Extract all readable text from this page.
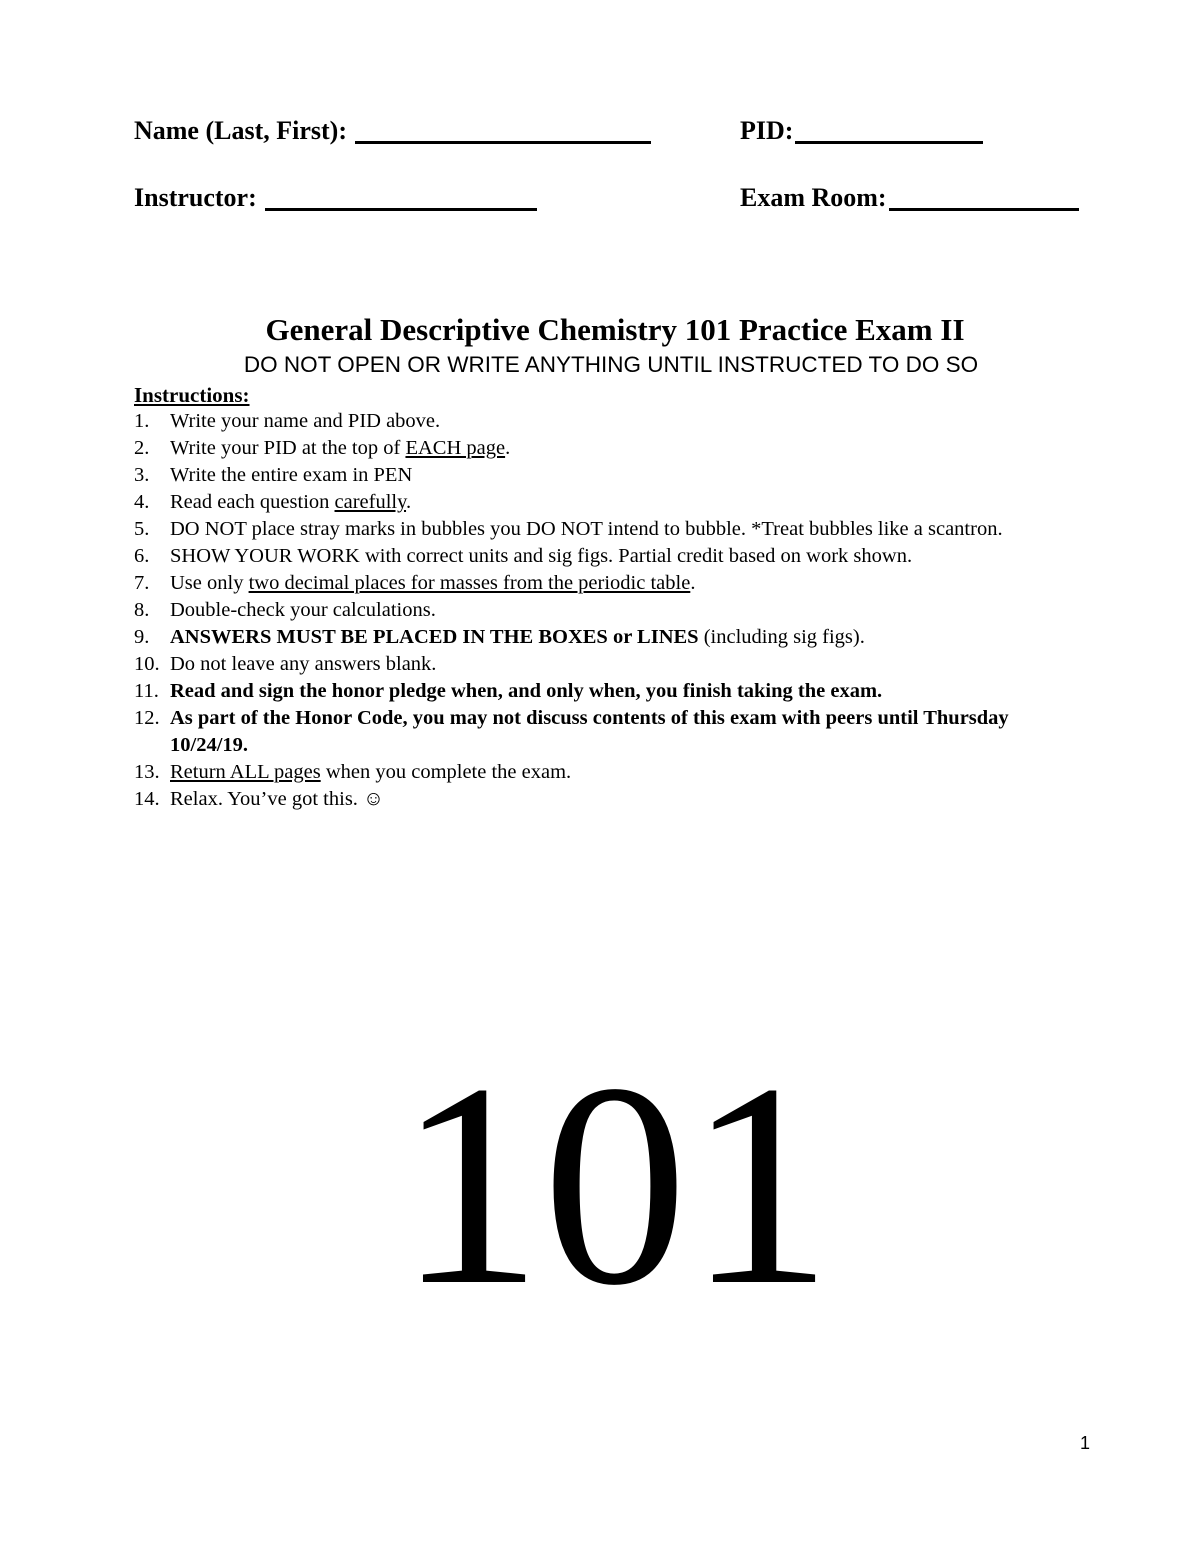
Name (Last, First):	PID:
Instructor:	Exam Room:
General Descriptive Chemistry 101 Practice Exam II
DO NOT OPEN OR WRITE ANYTHING UNTIL INSTRUCTED TO DO SO
Instructions:
1.	Write your name and PID above.
2.	Write your PID at the top of EACH page.
3.	Write the entire exam in PEN
4.	Read each question carefully.
5.	DO NOT place stray marks in bubbles you DO NOT intend to bubble. *Treat bubbles like a scantron.
6.	SHOW YOUR WORK with correct units and sig figs. Partial credit based on work shown.
7.	Use only two decimal places for masses from the periodic table.
8.	Double-check your calculations.
9.	ANSWERS MUST BE PLACED IN THE BOXES or LINES (including sig figs).
10. Do not leave any answers blank.
11. Read and sign the honor pledge when, and only when, you finish taking the exam.
12. As part of the Honor Code, you may not discuss contents of this exam with peers until Thursday 10/24/19.
13. Return ALL pages when you complete the exam.
14. Relax. You’ve got this. ☺
101
1
